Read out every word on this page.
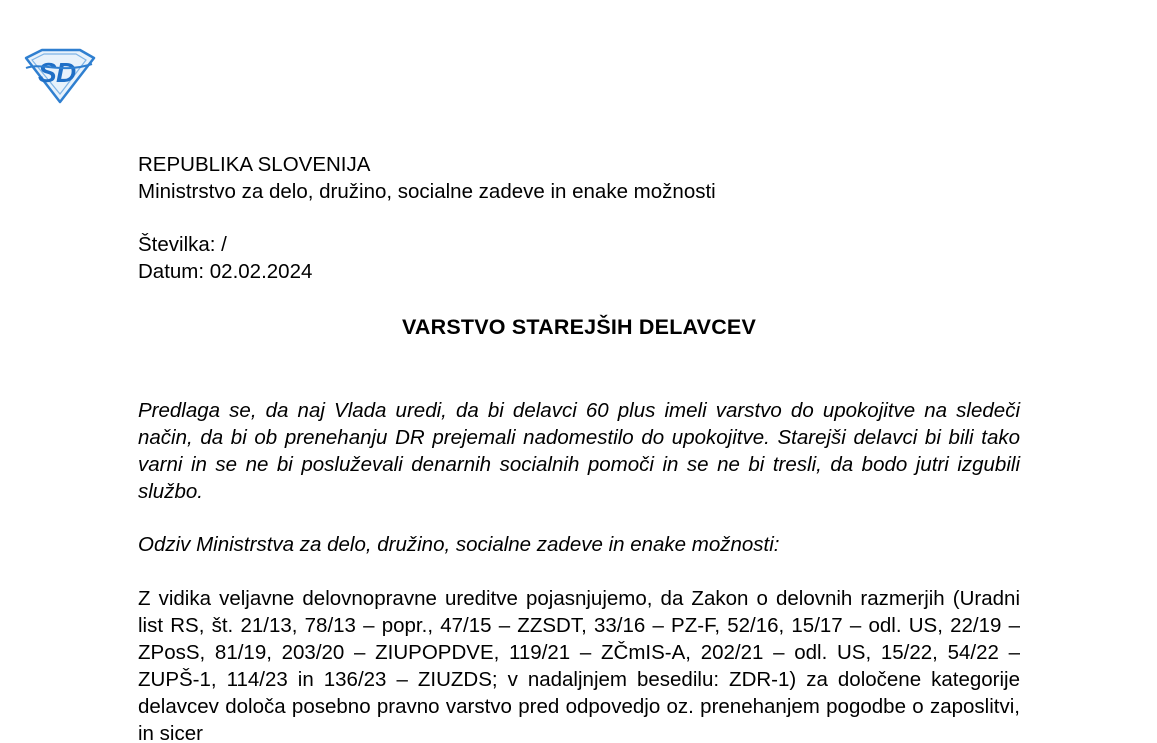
S D
REPUBLIKA SLOVENIJA
Ministrstvo za delo, družino, socialne zadeve in enake možnosti
Številka: /
Datum: 02.02.2024
VARSTVO STAREJŠIH DELAVCEV

Predlaga se, da naj Vlada uredi, da bi delavci 60 plus imeli varstvo do upokojitve na sledeči način, da bi ob prenehanju DR prejemali nadomestilo do upokojitve. Starejši delavci bi bili tako varni in se ne bi posluževali denarnih socialnih pomoči in se ne bi tresli, da bodo jutri izgubili službo.

Odziv Ministrstva za delo, družino, socialne zadeve in enake možnosti:

Z vidika veljavne delovnopravne ureditve pojasnjujemo, da Zakon o delovnih razmerjih (Uradni list RS, št. 21/13, 78/13 – popr., 47/15 – ZZSDT, 33/16 – PZ-F, 52/16, 15/17 – odl. US, 22/19 – ZPosS, 81/19, 203/20 – ZIUPOPDVE, 119/21 – ZČmIS-A, 202/21 – odl. US, 15/22, 54/22 – ZUPŠ-1, 114/23 in 136/23 – ZIUZDS; v nadaljnjem besedilu: ZDR-1) za določene kategorije delavcev določa posebno pravno varstvo pred odpovedjo oz. prenehanjem pogodbe o zaposlitvi, in sicer
